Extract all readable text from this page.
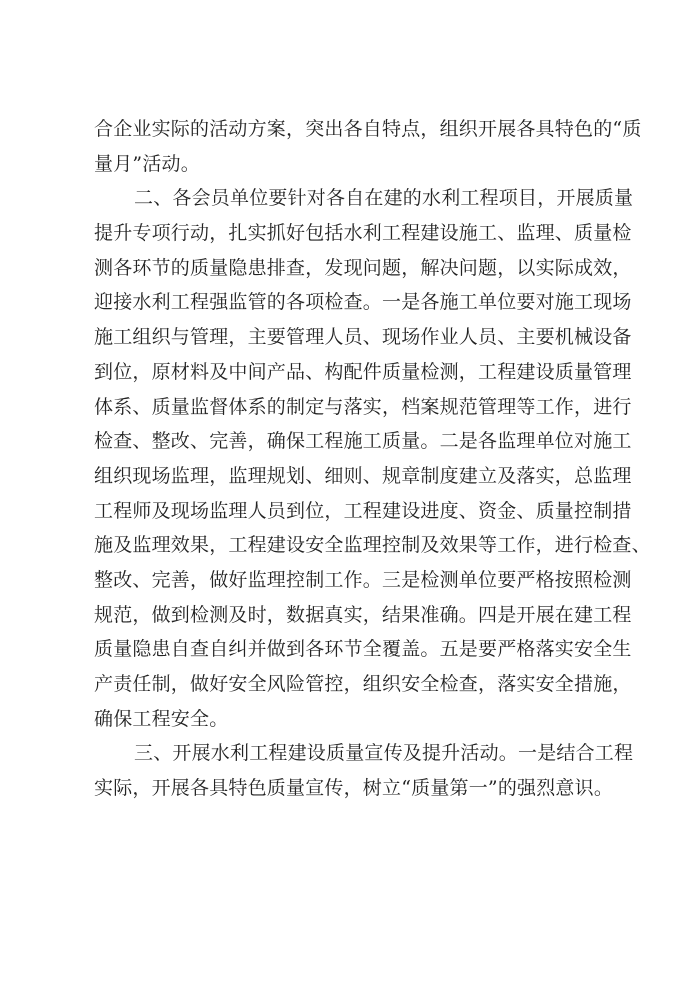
合企业实际的活动方案，突出各自特点，组织开展各具特色的“质
量月”活动。
二、各会员单位要针对各自在建的水利工程项目，开展质量
提升专项行动，扎实抓好包括水利工程建设施工、监理、质量检
测各环节的质量隐患排查，发现问题，解决问题，以实际成效，
迎接水利工程强监管的各项检查。一是各施工单位要对施工现场
施工组织与管理，主要管理人员、现场作业人员、主要机械设备
到位，原材料及中间产品、构配件质量检测，工程建设质量管理
体系、质量监督体系的制定与落实，档案规范管理等工作，进行
检查、整改、完善，确保工程施工质量。二是各监理单位对施工
组织现场监理，监理规划、细则、规章制度建立及落实，总监理
工程师及现场监理人员到位，工程建设进度、资金、质量控制措
施及监理效果，工程建设安全监理控制及效果等工作，进行检查、
整改、完善，做好监理控制工作。三是检测单位要严格按照检测
规范，做到检测及时，数据真实，结果准确。四是开展在建工程
质量隐患自查自纠并做到各环节全覆盖。五是要严格落实安全生
产责任制，做好安全风险管控，组织安全检查，落实安全措施，
确保工程安全。
三、开展水利工程建设质量宣传及提升活动。一是结合工程
实际，开展各具特色质量宣传，树立“质量第一”的强烈意识。
